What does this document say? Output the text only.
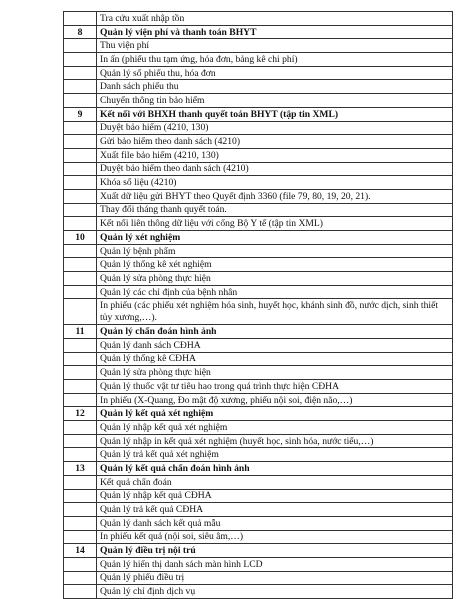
	Tra cứu xuất nhập tồn
8	Quản lý viện phí và thanh toán BHYT
	Thu viện phí
	In ấn (phiếu thu tạm ứng, hóa đơn, bảng kê chi phí)
	Quản lý số phiếu thu, hóa đơn
	Danh sách phiếu thu
	Chuyển thông tin bảo hiểm
9	Kết nối với BHXH thanh quyết toán BHYT (tập tin XML)
	Duyệt bảo hiểm (4210, 130)
	Gửi bảo hiểm theo danh sách (4210)
	Xuất file bảo hiểm (4210, 130)
	Duyệt bảo hiểm theo danh sách (4210)
	Khóa sổ liệu (4210)
	Xuất dữ liệu gửi BHYT theo Quyết định 3360 (file 79, 80, 19, 20, 21).
	Thay đổi tháng thanh quyết toán.
	Kết nối liên thông dữ liệu với cổng Bộ Y tế (tập tin XML)
10	Quản lý xét nghiệm
	Quản lý bệnh phẩm
	Quản lý thống kê xét nghiệm
	Quản lý sửa phòng thực hiện
	Quản lý các chỉ định của bệnh nhân
	In phiếu (các phiếu xét nghiệm hóa sinh, huyết học, khánh sinh đồ, nước dịch, sinh thiết tủy xương,…).
11	Quản lý chẩn đoán hình ảnh
	Quản lý danh sách CĐHA
	Quản lý thống kê CĐHA
	Quản lý sửa phòng thực hiện
	Quản lý thuốc vật tư tiêu hao trong quá trình thực hiện CĐHA
	In phiếu (X-Quang, Đo mật độ xương, phiếu nội soi, điện não,…)
12	Quản lý kết quả xét nghiệm
	Quản lý nhập kết quả xét nghiệm
	Quản lý nhập in kết quả xét nghiệm (huyết học, sinh hóa, nước tiểu,…)
	Quản lý trả kết quả xét nghiệm
13	Quản lý kết quả chẩn đoán hình ảnh
	Kết quả chẩn đoán
	Quản lý nhập kết quả CĐHA
	Quản lý trả kết quả CĐHA
	Quản lý danh sách kết quả mẫu
	In phiếu kết quả (nội soi, siêu âm,…)
14	Quản lý điều trị nội trú
	Quản lý hiển thị danh sách màn hình LCD
	Quản lý phiếu điều trị
	Quản lý chỉ định dịch vụ
